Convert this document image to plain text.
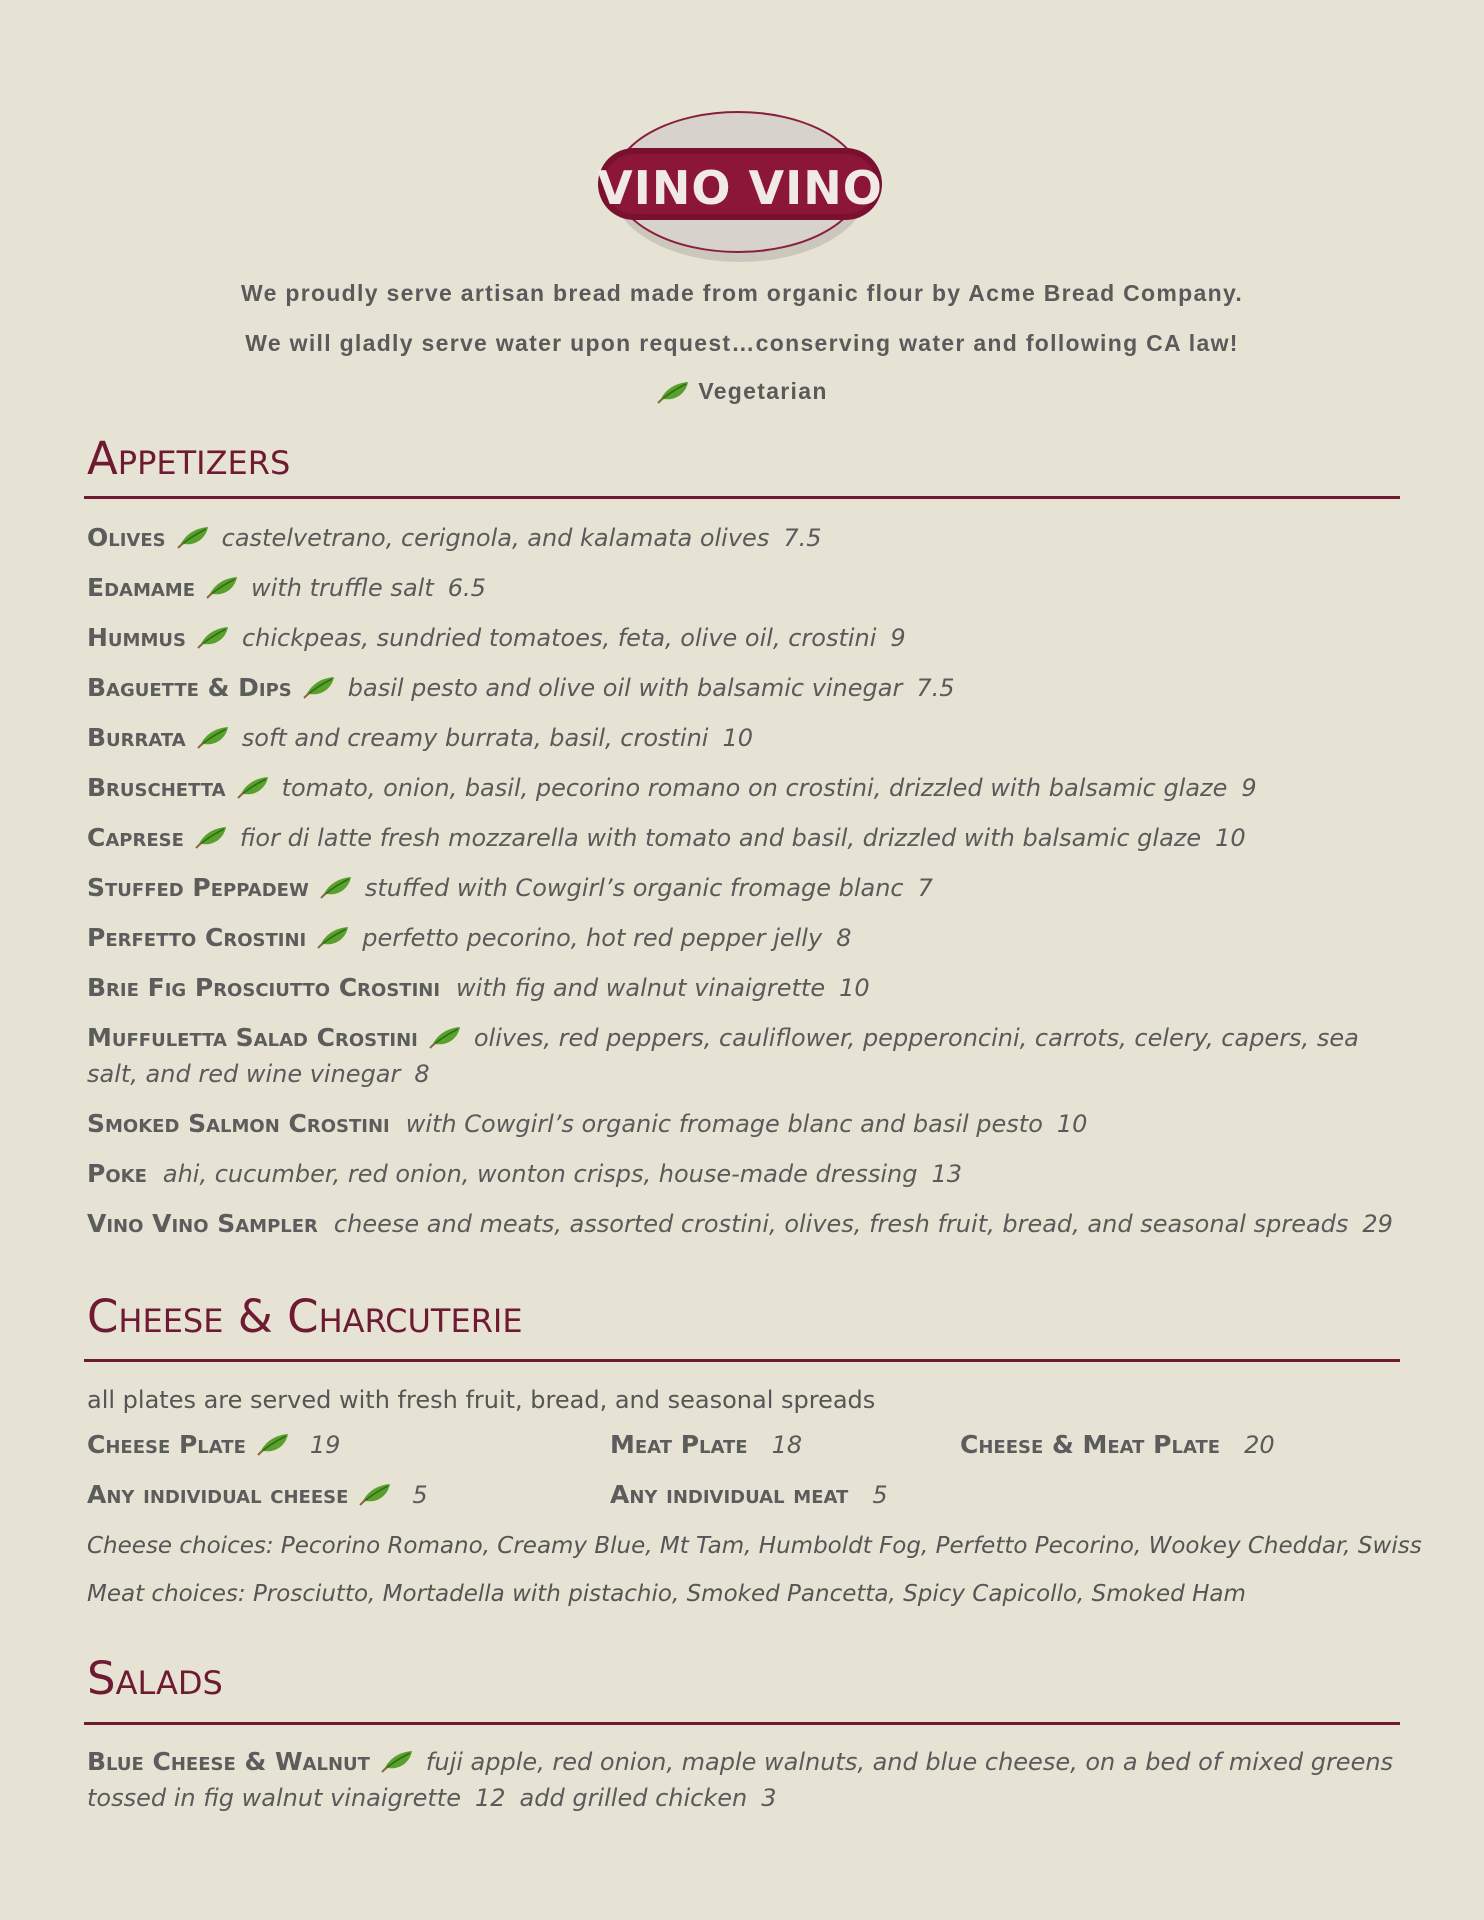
VINO VINO
We proudly serve artisan bread made from organic flour by Acme Bread Company.
We will gladly serve water upon request…conserving water and following CA law!
Vegetarian
Appetizers

Olives castelvetrano, cerignola, and kalamata olives 7.5

Edamame with truffle salt 6.5

Hummus chickpeas, sundried tomatoes, feta, olive oil, crostini 9

Baguette & Dips basil pesto and olive oil with balsamic vinegar 7.5

Burrata soft and creamy burrata, basil, crostini 10

Bruschetta tomato, onion, basil, pecorino romano on crostini, drizzled with balsamic glaze 9

Caprese fior di latte fresh mozzarella with tomato and basil, drizzled with balsamic glaze 10

Stuffed Peppadew stuffed with Cowgirl’s organic fromage blanc 7

Perfetto Crostini perfetto pecorino, hot red pepper jelly 8

Brie Fig Prosciutto Crostini with fig and walnut vinaigrette 10

Muffuletta Salad Crostini olives, red peppers, cauliflower, pepperoncini, carrots, celery, capers, sea salt, and red wine vinegar 8

Smoked Salmon Crostini with Cowgirl’s organic fromage blanc and basil pesto 10

Poke ahi, cucumber, red onion, wonton crisps, house-made dressing 13

Vino Vino Sampler cheese and meats, assorted crostini, olives, fresh fruit, bread, and seasonal spreads 29

Cheese & Charcuterie
all plates are served with fresh fruit, bread, and seasonal spreads
Cheese Plate	19	Meat Plate 18	Cheese & Meat Plate 20
Any individual cheese	5	Any individual meat 5
Cheese choices: Pecorino Romano, Creamy Blue, Mt Tam, Humboldt Fog, Perfetto Pecorino, Wookey Cheddar, Swiss
Meat choices: Prosciutto, Mortadella with pistachio, Smoked Pancetta, Spicy Capicollo, Smoked Ham
Salads

Blue Cheese & Walnut fuji apple, red onion, maple walnuts, and blue cheese, on a bed of mixed greens tossed in fig walnut vinaigrette 12 add grilled chicken 3
